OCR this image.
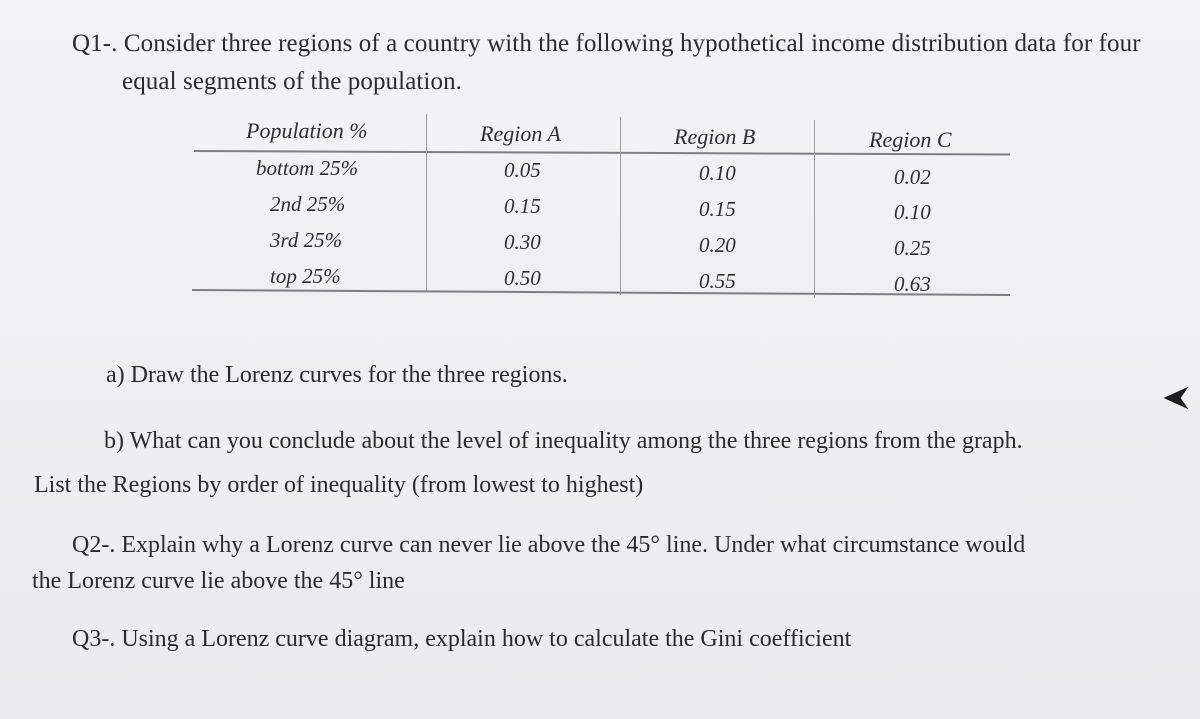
Q1-. Consider three regions of a country with the following hypothetical income distribution data for four
equal segments of the population.
Population %	Region A	Region B	Region C
bottom 25%	0.05	0.10	0.02
2nd 25%	0.15	0.15	0.10
3rd 25%	0.30	0.20	0.25
top 25%	0.50	0.55	0.63
a) Draw the Lorenz curves for the three regions.
b) What can you conclude about the level of inequality among the three regions from the graph.
List the Regions by order of inequality (from lowest to highest)
Q2-. Explain why a Lorenz curve can never lie above the 45° line. Under what circumstance would
the Lorenz curve lie above the 45° line
Q3-. Using a Lorenz curve diagram, explain how to calculate the Gini coefficient
